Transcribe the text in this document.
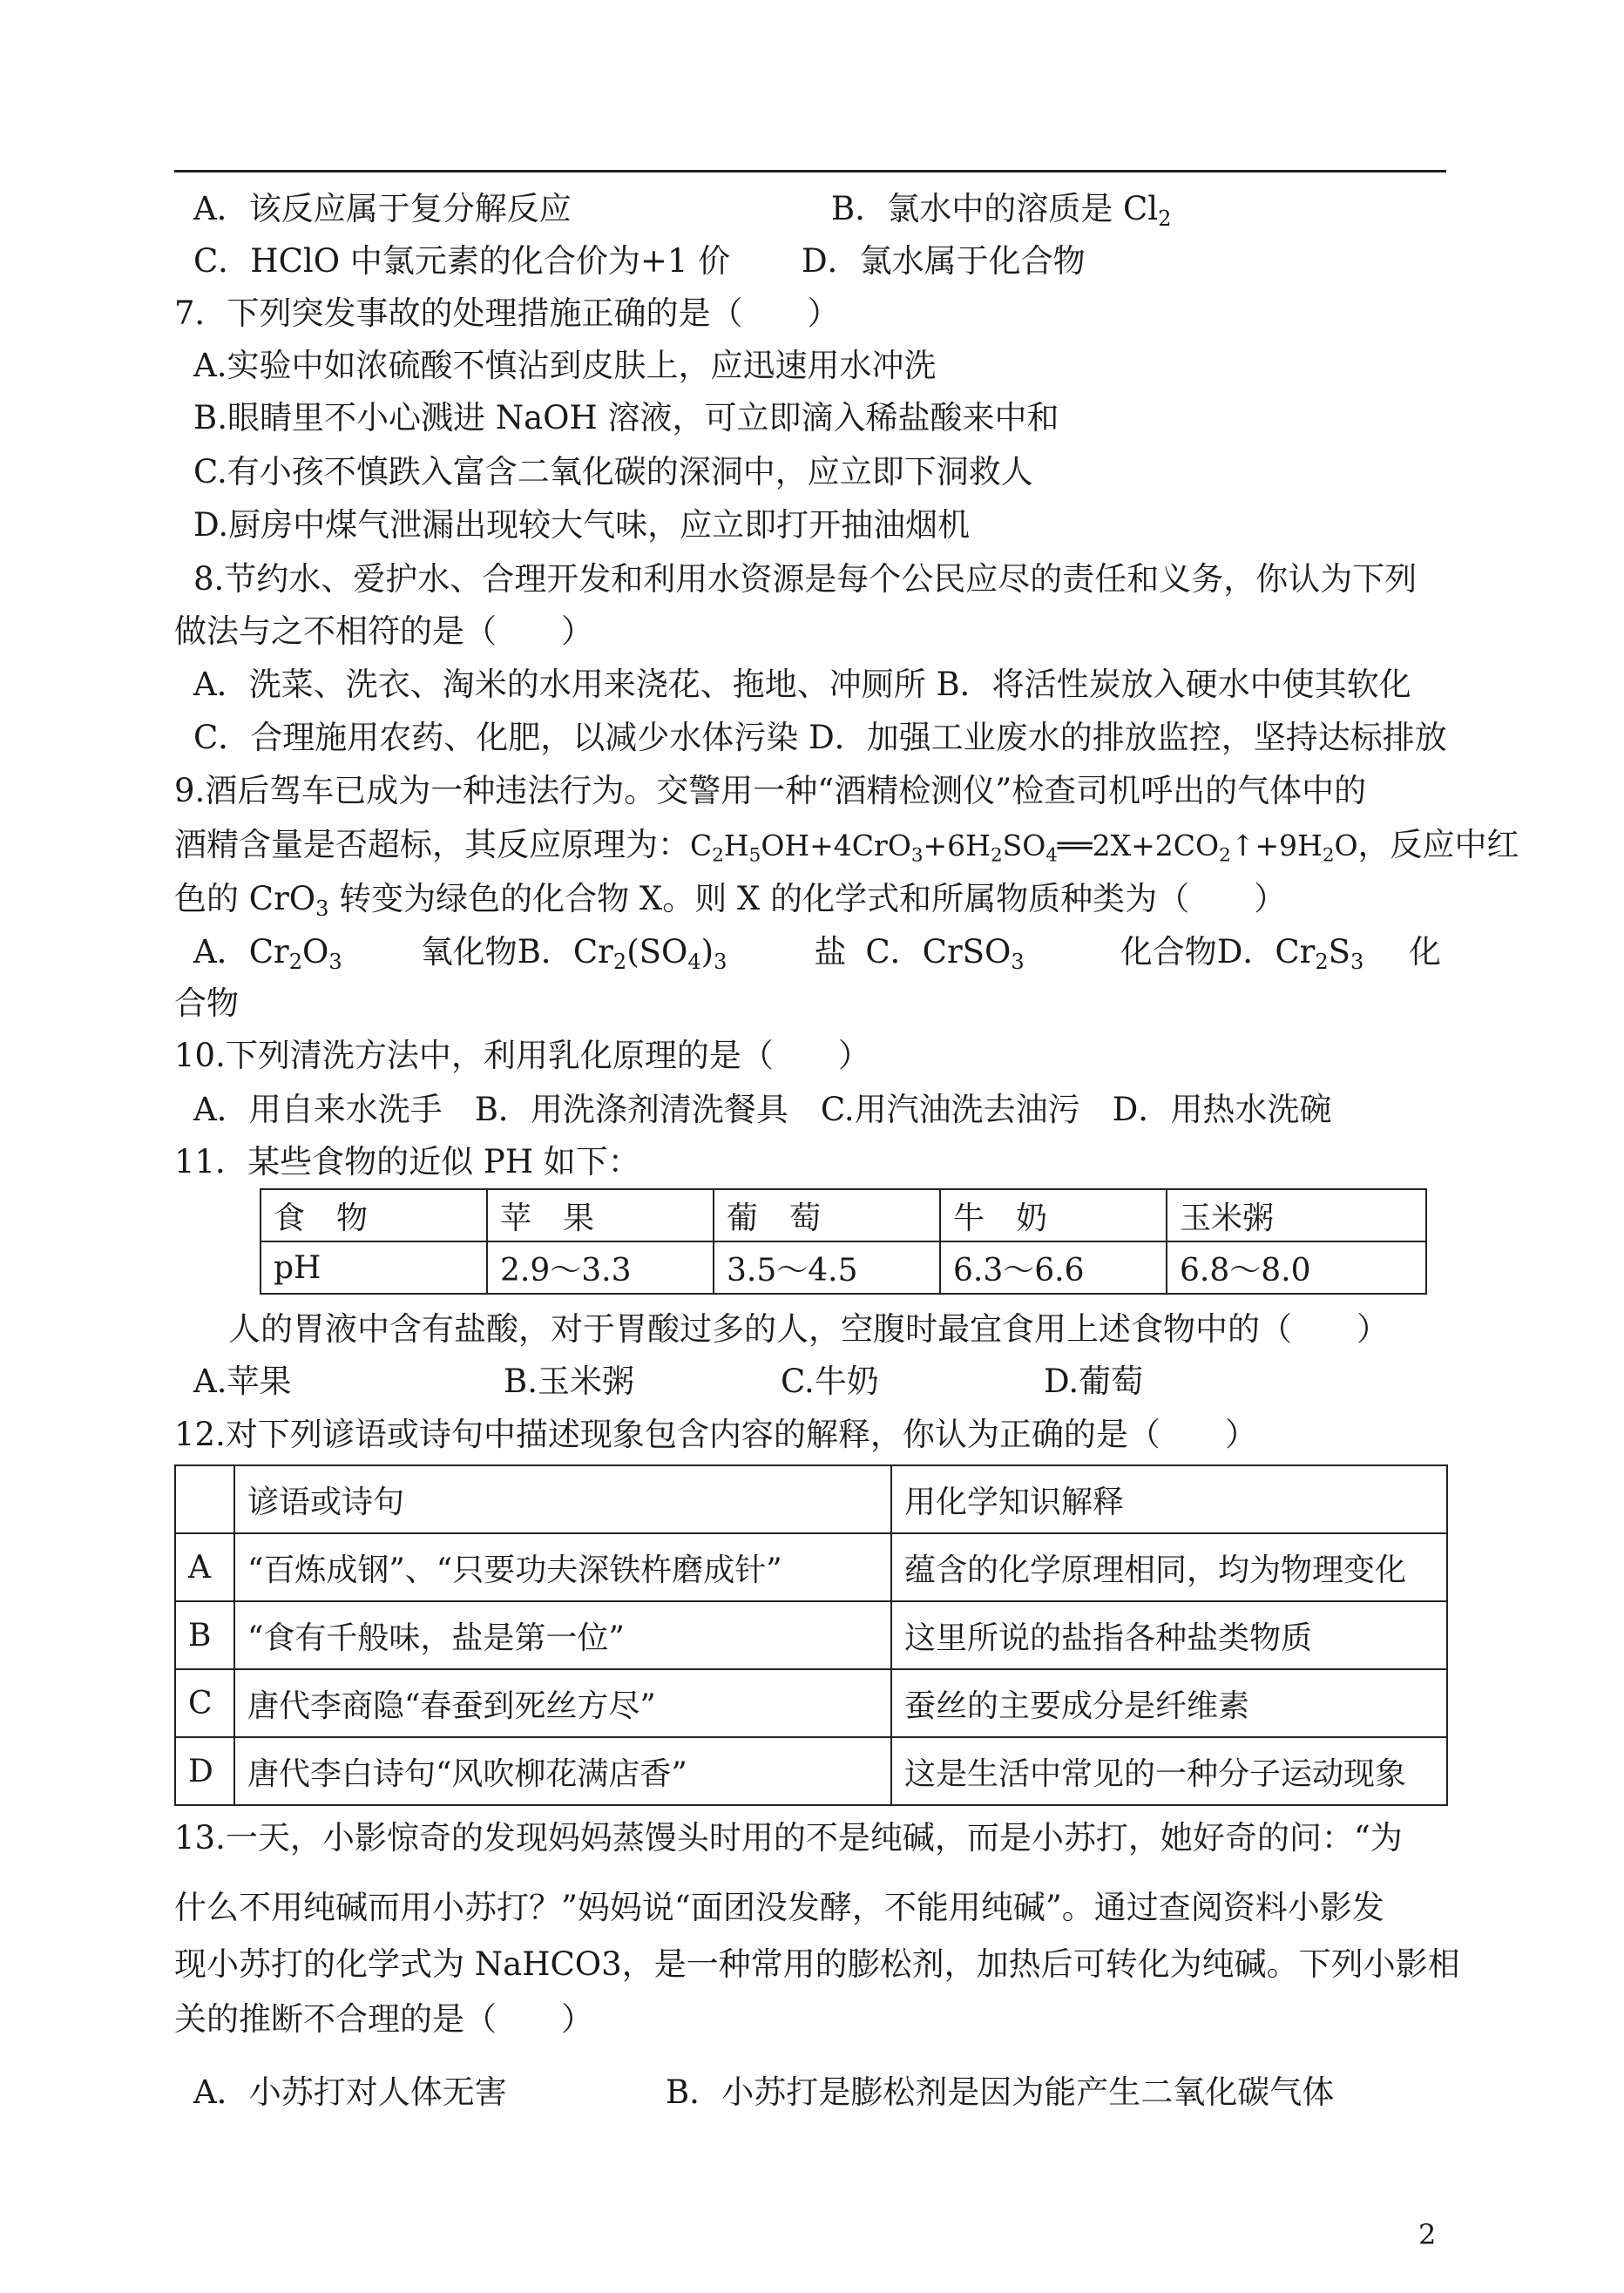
A．该反应属于复分解反应	B．氯水中的溶质是 $Cl_2$
C．HClO 中氯元素的化合价为+1 价 D．氯水属于化合物
7．下列突发事故的处理措施正确的是（　　）
A.实验中如浓硫酸不慎沾到皮肤上，应迅速用水冲洗
B.眼睛里不小心溅进 NaOH 溶液，可立即滴入稀盐酸来中和
C.有小孩不慎跌入富含二氧化碳的深洞中，应立即下洞救人
D.厨房中煤气泄漏出现较大气味，应立即打开抽油烟机
8.节约水、爱护水、合理开发和利用水资源是每个公民应尽的责任和义务，你认为下列
做法与之不相符的是（　　）
A．洗菜、洗衣、淘米的水用来浇花、拖地、冲厕所 B．将活性炭放入硬水中使其软化
C．合理施用农药、化肥，以减少水体污染 D．加强工业废水的排放监控，坚持达标排放
9.酒后驾车已成为一种违法行为。交警用一种“酒精检测仪”检查司机呼出的气体中的
酒精含量是否超标，其反应原理为：$C_2H_5OH+4CrO_3+6H_2SO_4══2X+2CO_2↑+9H_2O$，反应中红
色的 CrO$_3$ 转变为绿色的化合物 X。则 X 的化学式和所属物质种类为（　　）
A．$Cr_2O_3$ 氧化物B．$Cr_2(SO_4)_3$	盐 C．CrSO$_3$	化合物D．$Cr_2S_3$ 化
合物
10.下列清洗方法中，利用乳化原理的是（　　）
A．用自来水洗手　B．用洗涤剂清洗餐具　C.用汽油洗去油污　D．用热水洗碗
11．某些食物的近似 PH 如下：
食　物	苹　果	葡　萄	牛　奶	玉米粥
pH	2.9～3.3	3.5～4.5	6.3～6.6	6.8～8.0
人的胃液中含有盐酸，对于胃酸过多的人，空腹时最宜食用上述食物中的（　　）
A.苹果	B.玉米粥	C.牛奶	D.葡萄
12.对下列谚语或诗句中描述现象包含内容的解释，你认为正确的是（　　）
	谚语或诗句	用化学知识解释
A	“百炼成钢”、“只要功夫深铁杵磨成针”	蕴含的化学原理相同，均为物理变化
B	“食有千般味，盐是第一位”	这里所说的盐指各种盐类物质
C	唐代李商隐“春蚕到死丝方尽”	蚕丝的主要成分是纤维素
D	唐代李白诗句“风吹柳花满店香”	这是生活中常见的一种分子运动现象
13.一天，小影惊奇的发现妈妈蒸馒头时用的不是纯碱，而是小苏打，她好奇的问：“为
什么不用纯碱而用小苏打？”妈妈说“面团没发酵，不能用纯碱”。通过查阅资料小影发
现小苏打的化学式为 NaHCO3，是一种常用的膨松剂，加热后可转化为纯碱。下列小影相
关的推断不合理的是（　　）
A．小苏打对人体无害	B．小苏打是膨松剂是因为能产生二氧化碳气体
2
